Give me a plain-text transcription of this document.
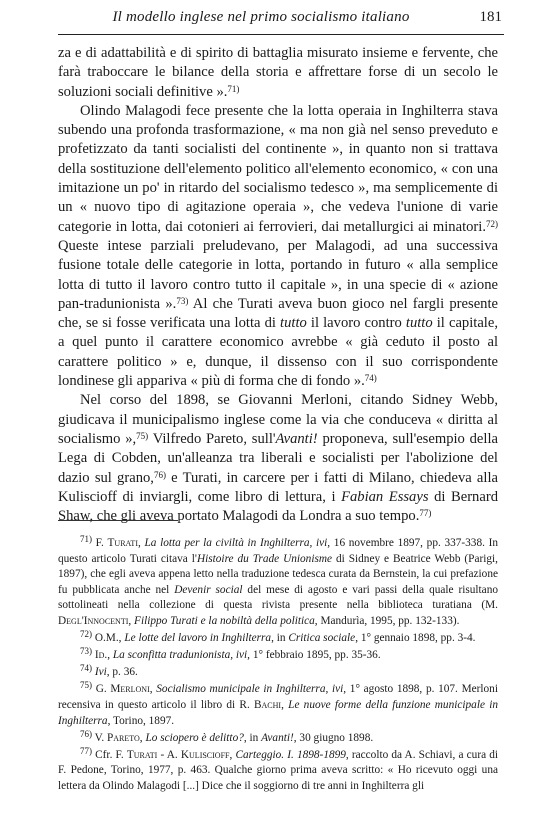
Il modello inglese nel primo socialismo italiano	181

za e di adattabilità e di spirito di battaglia misurato insieme e fervente, che farà traboccare le bilance della storia e affrettare forse di un secolo le soluzioni sociali definitive ».$^{71)}$

Olindo Malagodi fece presente che la lotta operaia in Inghilterra stava subendo una profonda trasformazione, « ma non già nel senso preveduto e profetizzato da tanti socialisti del continente », in quanto non si trattava della sostituzione dell'elemento politico all'elemento economico, « con una imitazione un po' in ritardo del socialismo tedesco », ma semplicemente di un « nuovo tipo di agitazione operaia », che vedeva l'unione di varie categorie in lotta, dai cotonieri ai ferrovieri, dai metallurgici ai minatori.$^{72)}$ Queste intese parziali preludevano, per Malagodi, ad una successiva fusione totale delle categorie in lotta, portando in futuro « alla semplice lotta di tutto il lavoro contro tutto il capitale », in una specie di « azione pan-tradunionista ».$^{73)}$ Al che Turati aveva buon gioco nel fargli presente che, se si fosse verificata una lotta di tutto il lavoro contro tutto il capitale, a quel punto il carattere economico avrebbe « già ceduto il posto al carattere politico » e, dunque, il dissenso con il suo corrispondente londinese gli appariva « più di forma che di fondo ».$^{74)}$

Nel corso del 1898, se Giovanni Merloni, citando Sidney Webb, giudicava il municipalismo inglese come la via che conduceva « diritta al socialismo »,$^{75)}$ Vilfredo Pareto, sull'Avanti! proponeva, sull'esempio della Lega di Cobden, un'alleanza tra liberali e socialisti per l'abolizione del dazio sul grano,$^{76)}$ e Turati, in carcere per i fatti di Milano, chiedeva alla Kuliscioff di inviargli, come libro di lettura, i Fabian Essays di Bernard Shaw, che gli aveva portato Malagodi da Londra a suo tempo.$^{77)}$

$^{71)}$ F. Turati, La lotta per la civiltà in Inghilterra, ivi, 16 novembre 1897, pp. 337-338. In questo articolo Turati citava l'Histoire du Trade Unionisme di Sidney e Beatrice Webb (Parigi, 1897), che egli aveva appena letto nella traduzione tedesca curata da Bernstein, la cui prefazione fu pubblicata anche nel Devenir social del mese di agosto e vari passi della quale risultano sottolineati nella collezione di questa rivista presente nella biblioteca turatiana (M. Degl'Innocenti, Filippo Turati e la nobiltà della politica, Mandurìa, 1995, pp. 132-133).

$^{72)}$ O.M., Le lotte del lavoro in Inghilterra, in Critica sociale, 1° gennaio 1898, pp. 3-4.

$^{73)}$ Id., La sconfitta tradunionista, ivi, 1° febbraio 1895, pp. 35-36.

$^{74)}$ Ivi, p. 36.

$^{75)}$ G. Merloni, Socialismo municipale in Inghilterra, ivi, 1° agosto 1898, p. 107. Merloni recensiva in questo articolo il libro di R. Bachi, Le nuove forme della funzione municipale in Inghilterra, Torino, 1897.

$^{76)}$ V. Pareto, Lo sciopero è delitto?, in Avanti!, 30 giugno 1898.

$^{77)}$ Cfr. F. Turati - A. Kuliscioff, Carteggio. I. 1898-1899, raccolto da A. Schiavi, a cura di F. Pedone, Torino, 1977, p. 463. Qualche giorno prima aveva scritto: « Ho ricevuto oggi una lettera da Olindo Malagodi [...] Dice che il soggiorno di tre anni in Inghilterra gli
